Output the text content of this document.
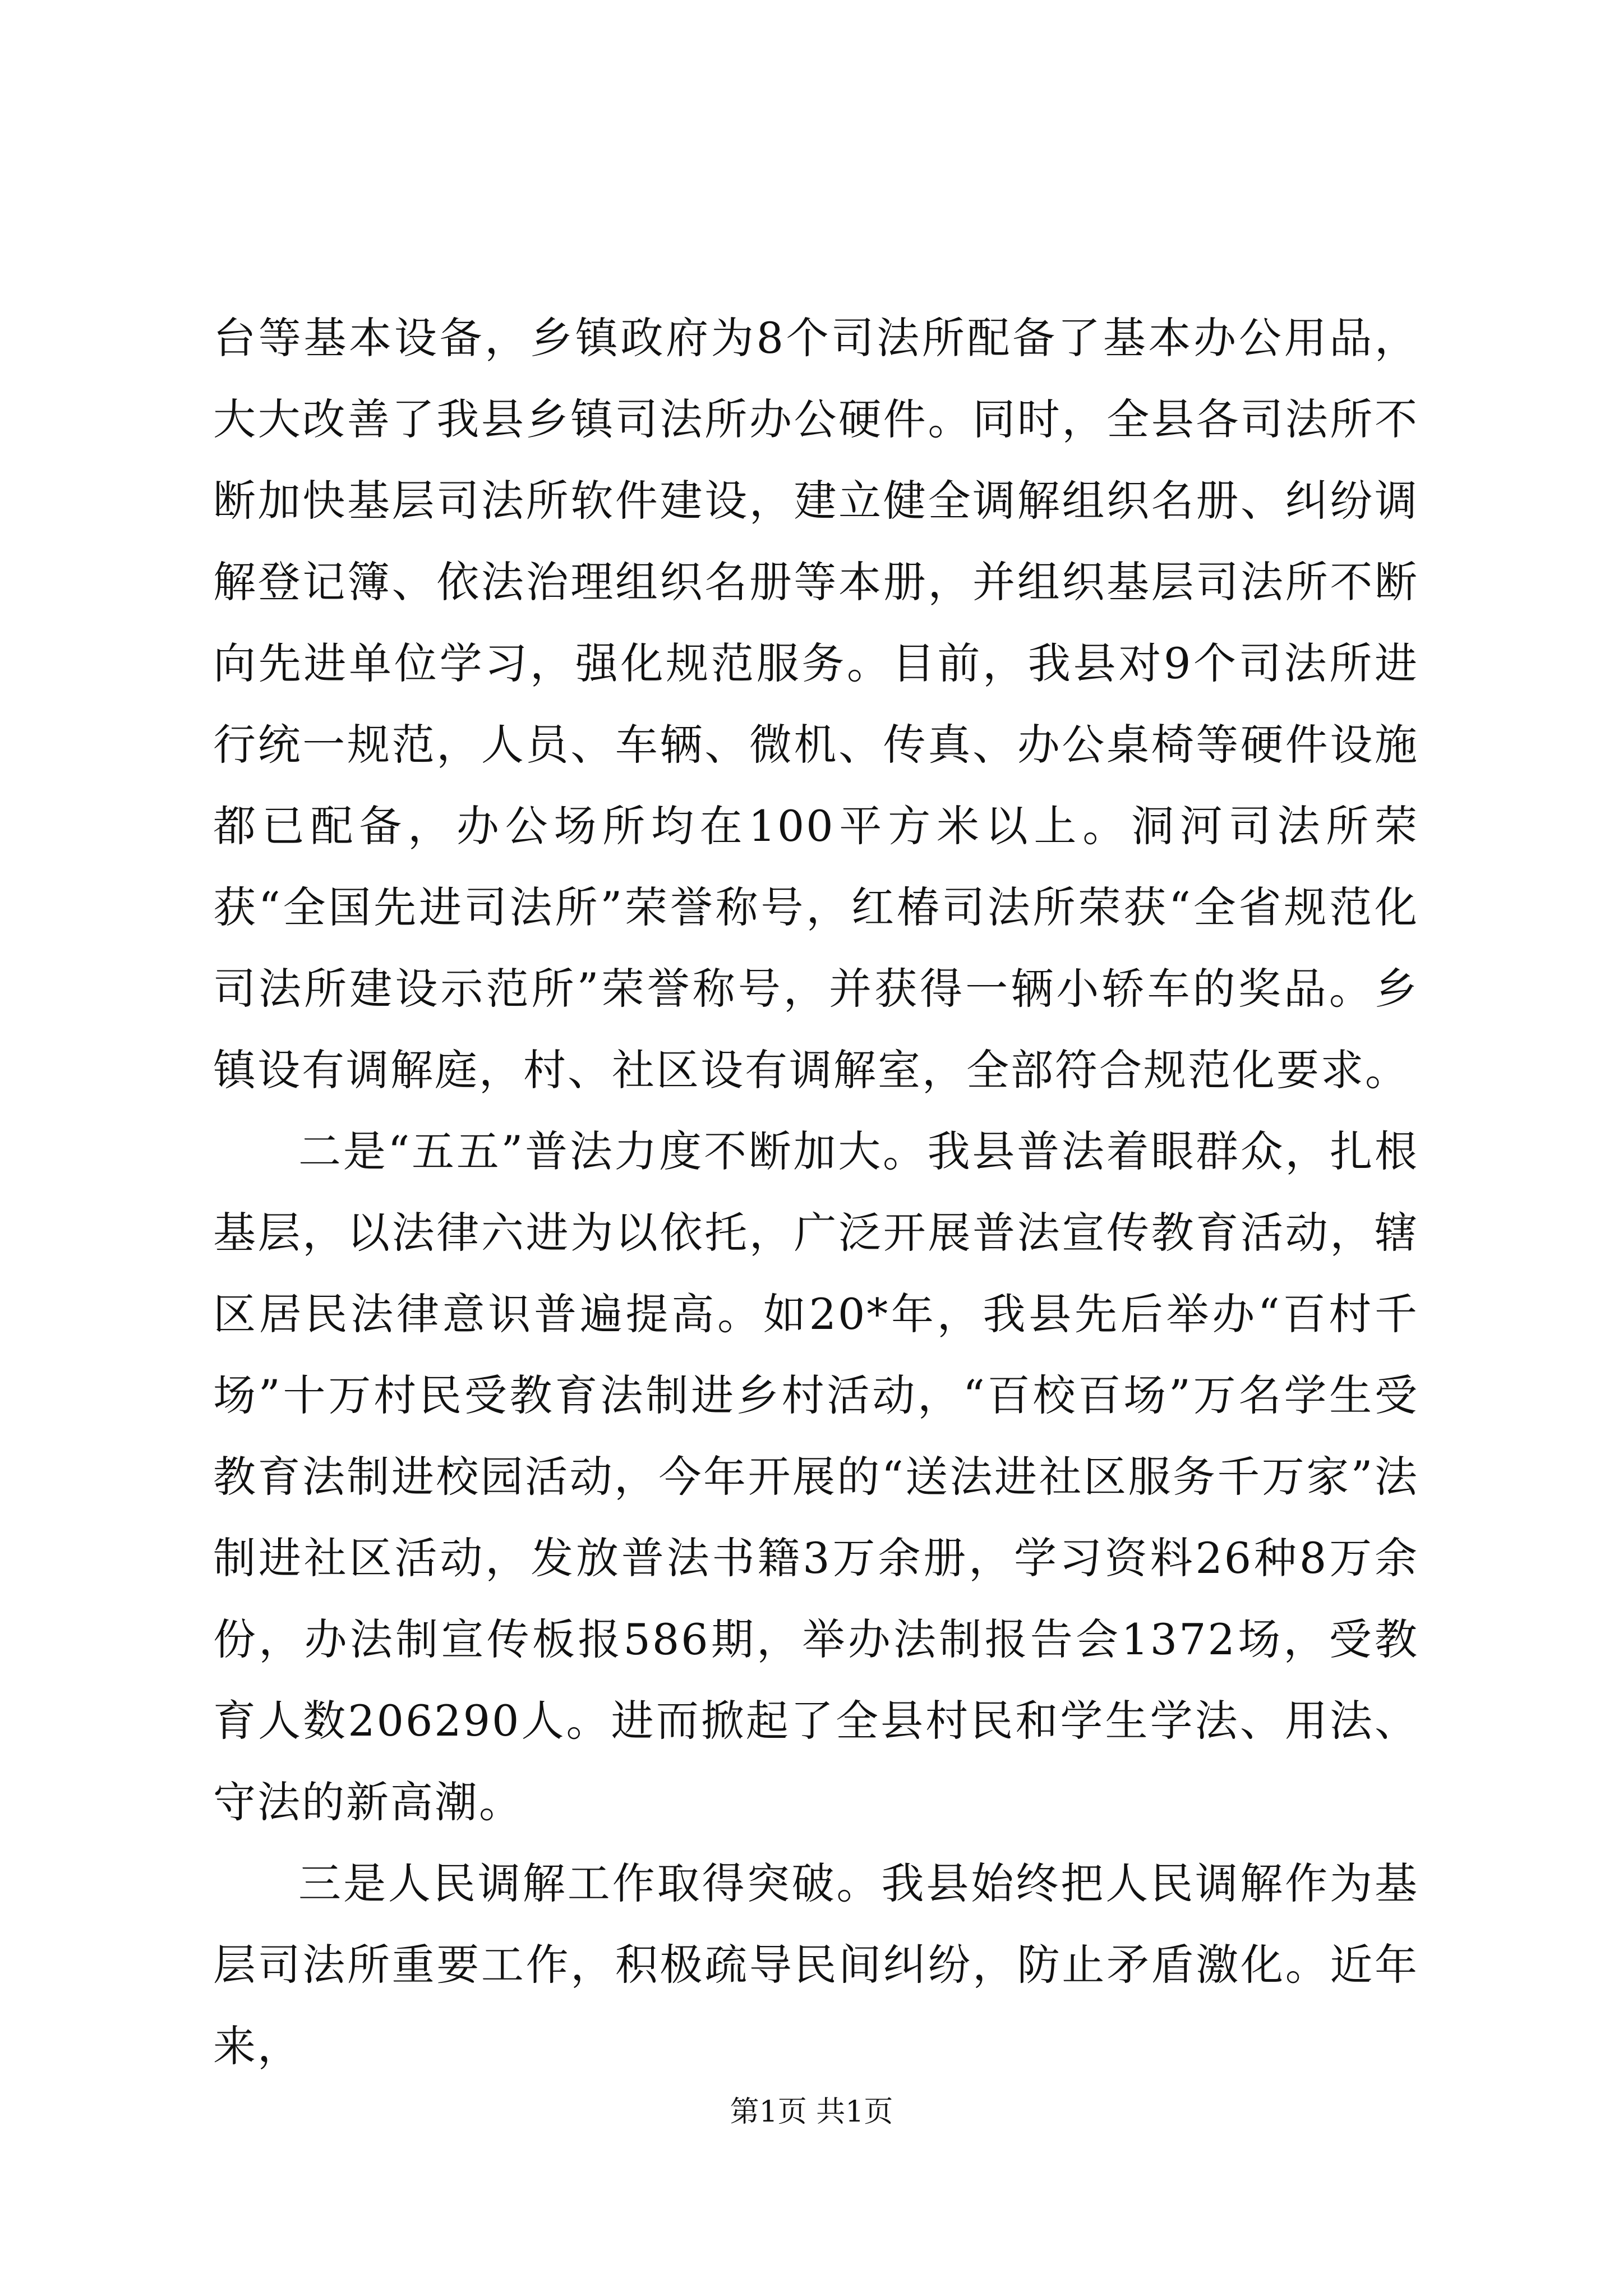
台等基本设备，乡镇政府为8个司法所配备了基本办公用品，大大改善了我县乡镇司法所办公硬件。同时，全县各司法所不断加快基层司法所软件建设，建立健全调解组织名册、纠纷调解登记簿、依法治理组织名册等本册，并组织基层司法所不断向先进单位学习，强化规范服务。目前，我县对9个司法所进行统一规范，人员、车辆、微机、传真、办公桌椅等硬件设施都已配备，办公场所均在100平方米以上。洞河司法所荣获“全国先进司法所”荣誉称号，红椿司法所荣获“全省规范化司法所建设示范所”荣誉称号，并获得一辆小轿车的奖品。乡镇设有调解庭，村、社区设有调解室，全部符合规范化要求。

二是“五五”普法力度不断加大。我县普法着眼群众，扎根基层，以法律六进为以依托，广泛开展普法宣传教育活动，辖区居民法律意识普遍提高。如20*年，我县先后举办“百村千场”十万村民受教育法制进乡村活动，“百校百场”万名学生受教育法制进校园活动，今年开展的“送法进社区服务千万家”法制进社区活动，发放普法书籍3万余册，学习资料26种8万余份，办法制宣传板报586期，举办法制报告会1372场，受教育人数206290人。进而掀起了全县村民和学生学法、用法、守法的新高潮。

三是人民调解工作取得突破。我县始终把人民调解作为基层司法所重要工作，积极疏导民间纠纷，防止矛盾激化。近年来，

第1页 共1页
